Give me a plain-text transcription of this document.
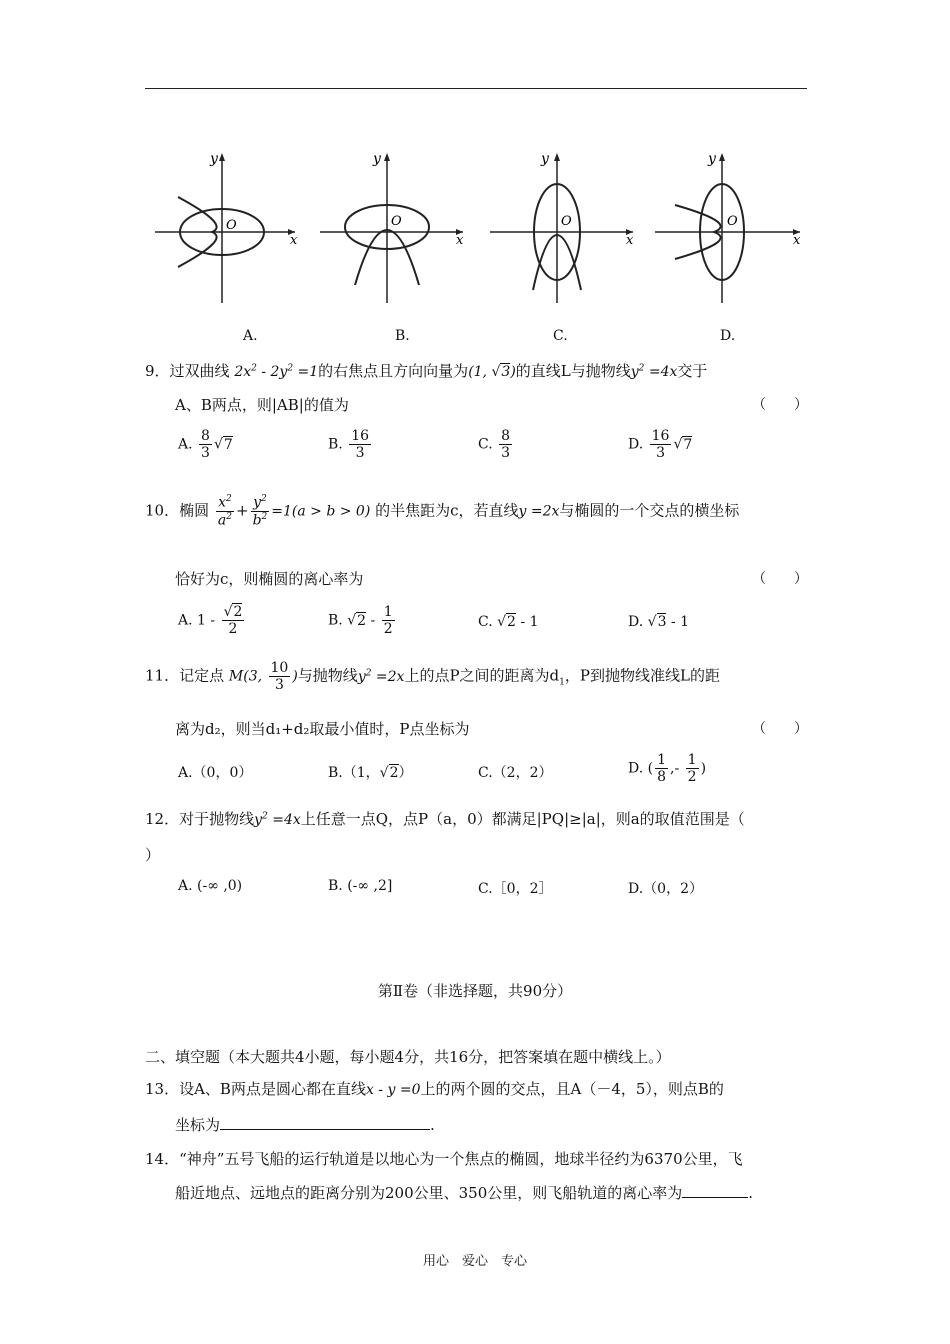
y
x
O
y
x
O
y
x
O
y
x
O
A.	B.	C.	D.
9．过双曲线 $2x^2 - 2y^2 =1$的右焦点且方向向量为(1, √3)的直线L与抛物线$y^2 =4x$交于
A、B两点，则|AB|的值为	（　　）
A. $\frac{8}{3} √7$	B. $\frac{16}{3}$	C. $\frac{8}{3}$	D. $\frac{16}{3} √7$
10．椭圆 $\frac{x^2}{a^2} + \frac{y^2}{b^2} =1(a > b > 0)$ 的半焦距为c，若直线y =2x与椭圆的一个交点的横坐标
恰好为c，则椭圆的离心率为	（　　）
A. $1 - \frac{√2}{2}$	B. $√2 - \frac{1}{2}$	C. √2 - 1	D. √3 - 1
11．记定点 M(3, $\frac{10}{3}$ )与抛物线$y^2 =2x$上的点P之间的距离为$d_1$，P到抛物线准线L的距
离为d₂，则当d₁+d₂取最小值时，P点坐标为	（　　）
A.（0，0）	B.（1，√2）	C.（2，2）	D. ( $\frac{1}{8}$ ,- $\frac{1}{2}$ )
12．对于抛物线$y^2 =4x$上任意一点Q，点P（a，0）都满足|PQ|≥|a|，则a的取值范围是（
）
A. (-∞ ,0)	B. (-∞ ,2]	C.［0，2］	D.（0，2）
第Ⅱ卷（非选择题，共90分）
二、填空题（本大题共4小题，每小题4分，共16分，把答案填在题中横线上。）
13．设A、B两点是圆心都在直线x - y =0上的两个圆的交点，且A（－4，5），则点B的
坐标为	.
14．“神舟”五号飞船的运行轨道是以地心为一个焦点的椭圆，地球半径约为6370公里，飞
船近地点、远地点的距离分别为200公里、350公里，则飞船轨道的离心率为	.
用心　爱心　专心
